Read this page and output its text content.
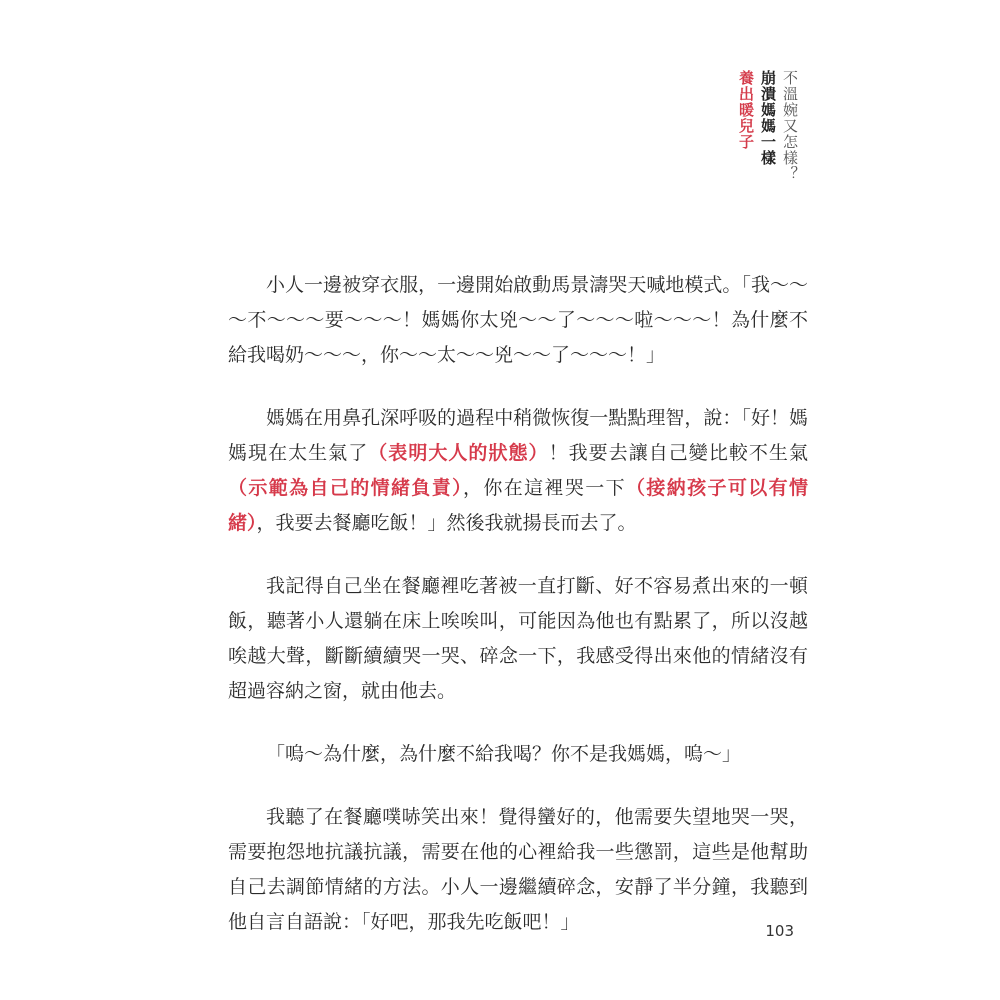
不溫婉又怎樣？
崩潰媽媽一樣
養出暖兒子

小人一邊被穿衣服，一邊開始啟動馬景濤哭天喊地模式。「我～～～不～～～要～～～！媽媽你太兇～～了～～～啦～～～！為什麼不給我喝奶～～～，你～～太～～兇～～了～～～！」

媽媽在用鼻孔深呼吸的過程中稍微恢復一點點理智，說：「好！媽媽現在太生氣了（表明大人的狀態）！我要去讓自己變比較不生氣（示範為自己的情緒負責），你在這裡哭一下（接納孩子可以有情緒），我要去餐廳吃飯！」然後我就揚長而去了。

我記得自己坐在餐廳裡吃著被一直打斷、好不容易煮出來的一頓飯，聽著小人還躺在床上唉唉叫，可能因為他也有點累了，所以沒越唉越大聲，斷斷續續哭一哭、碎念一下，我感受得出來他的情緒沒有超過容納之窗，就由他去。

「嗚～為什麼，為什麼不給我喝？你不是我媽媽，嗚～」

我聽了在餐廳噗哧笑出來！覺得蠻好的，他需要失望地哭一哭，需要抱怨地抗議抗議，需要在他的心裡給我一些懲罰，這些是他幫助自己去調節情緒的方法。小人一邊繼續碎念，安靜了半分鐘，我聽到他自言自語說：「好吧，那我先吃飯吧！」	103
